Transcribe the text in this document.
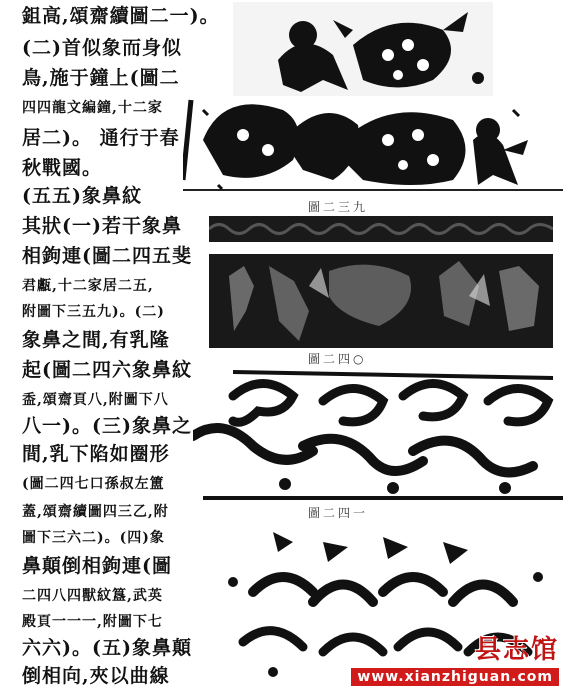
鉏高,頌齋續圖二一)。
(二)首似象而身似
鳥,施于鐘上(圖二
四四龍文編鐘,十二家
居二)。 通行于春
秋戰國。
(五五)象鼻紋
其狀(一)若干象鼻
相鉤連(圖二四五斐
君甗,十二家居二五,
附圖下三五九)。(二)
象鼻之間,有乳隆
起(圖二四六象鼻紋
盉,頌齋頁八,附圖下八
八一)。(三)象鼻之
間,乳下陷如圈形
(圖二四七口孫叔左簠
蓋,頌齋續圖四三乙,附
圖下三六二)。(四)象
鼻顛倒相鉤連(圖
二四八四獸紋簋,武英
殿頁一一一,附圖下七
六六)。(五)象鼻顛
倒相向,夾以曲線
圖二三九
圖二四○
圖二四一
县志馆
www.xianzhiguan.com
